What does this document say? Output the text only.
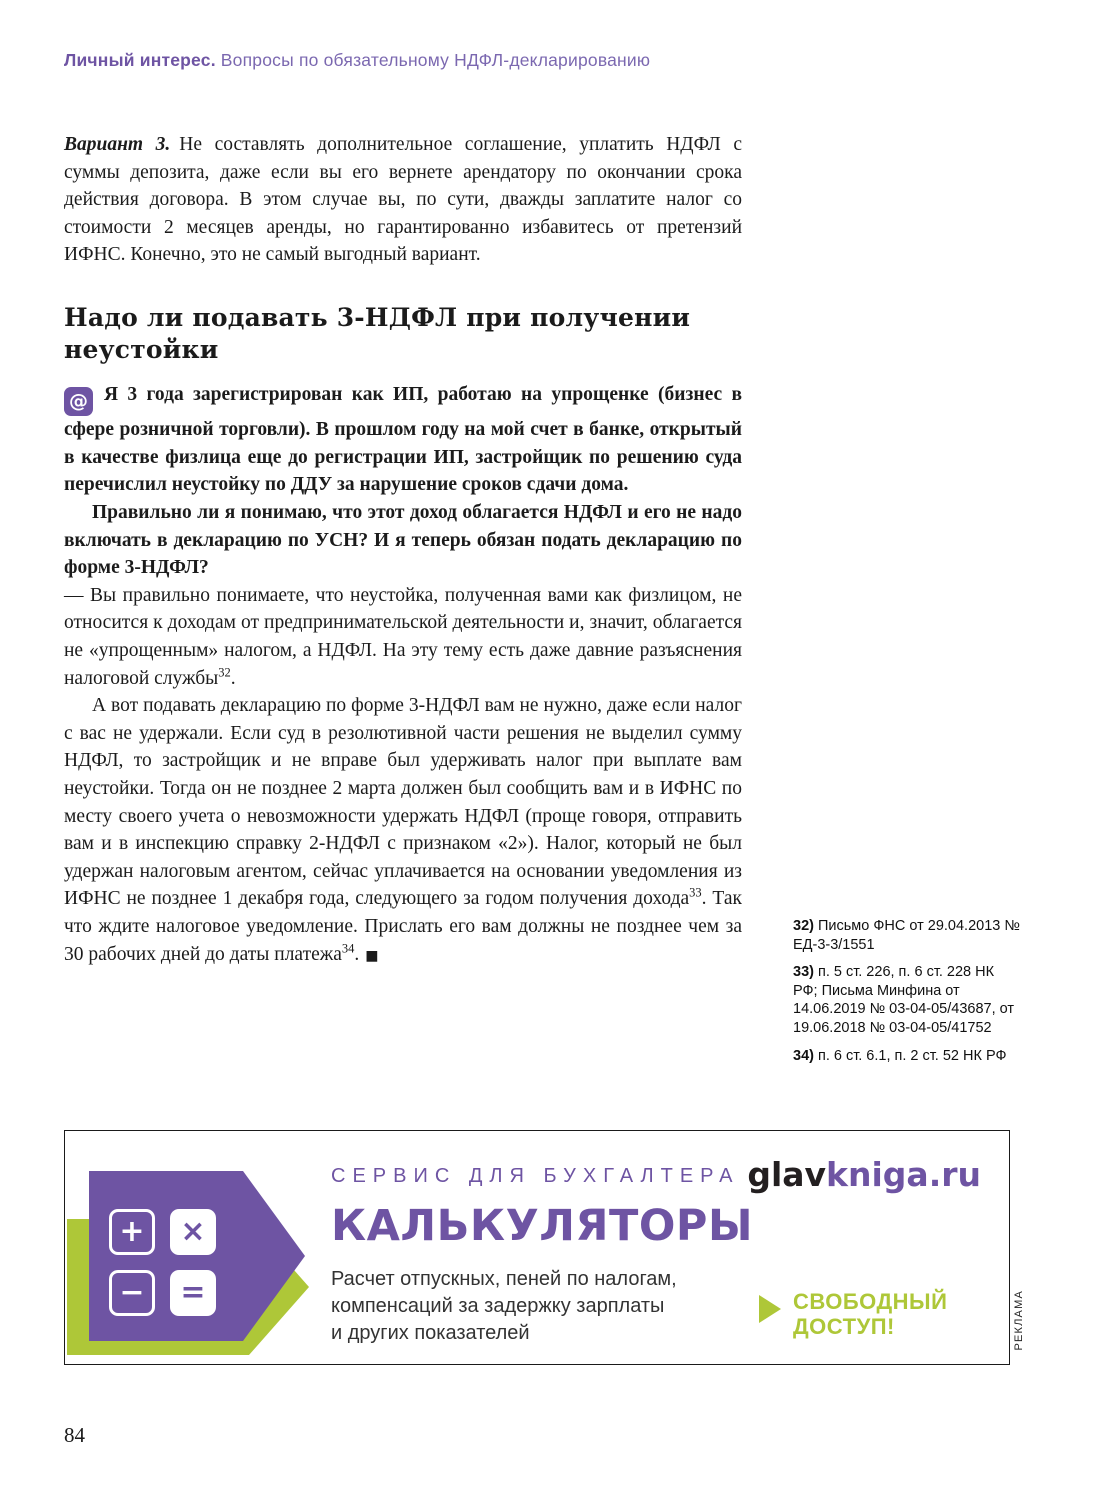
Личный интерес. Вопросы по обязательному НДФЛ-декларированию

Вариант 3. Не составлять дополнительное соглашение, уплатить НДФЛ с суммы депозита, даже если вы его вернете арендатору по окончании срока действия договора. В этом случае вы, по сути, дважды заплатите налог со стоимости 2 месяцев аренды, но гарантированно избавитесь от претензий ИФНС. Конечно, это не самый выгодный вариант.

Надо ли подавать 3-НДФЛ при получении неустойки

@ Я 3 года зарегистрирован как ИП, работаю на упрощенке (бизнес в сфере розничной торговли). В прошлом году на мой счет в банке, открытый в качестве физлица еще до регистрации ИП, застройщик по решению суда перечислил неустойку по ДДУ за нарушение сроков сдачи дома.

Правильно ли я понимаю, что этот доход облагается НДФЛ и его не надо включать в декларацию по УСН? И я теперь обязан подать декларацию по форме 3-НДФЛ?

— Вы правильно понимаете, что неустойка, полученная вами как физлицом, не относится к доходам от предпринимательской деятельности и, значит, облагается не «упрощенным» налогом, а НДФЛ. На эту тему есть даже давние разъяснения налоговой службы$^{32}$.

А вот подавать декларацию по форме 3-НДФЛ вам не нужно, даже если налог с вас не удержали. Если суд в резолютивной части решения не выделил сумму НДФЛ, то застройщик и не вправе был удерживать налог при выплате вам неустойки. Тогда он не позднее 2 марта должен был сообщить вам и в ИФНС по месту своего учета о невозможности удержать НДФЛ (проще говоря, отправить вам и в инспекцию справку 2-НДФЛ с признаком «2»). Налог, который не был удержан налоговым агентом, сейчас уплачивается на основании уведомления из ИФНС не позднее 1 декабря года, следующего за годом получения дохода$^{33}$. Так что ждите налоговое уведомление. Прислать его вам должны не позднее чем за 30 рабочих дней до даты платежа$^{34}$. ■

32) Письмо ФНС от 29.04.2013 № ЕД-3-3/1551
33) п. 5 ст. 226, п. 6 ст. 228 НК РФ; Письма Минфина от 14.06.2019 № 03-04-05/43687, от 19.06.2018 № 03-04-05/41752
34) п. 6 ст. 6.1, п. 2 ст. 52 НК РФ
+	×
−	=
СЕРВИС ДЛЯ БУХГАЛТЕРА
КАЛЬКУЛЯТОРЫ
Расчет отпускных, пеней по налогам,
компенсаций за задержку зарплаты
и других показателей
glavkniga.ru
СВОБОДНЫЙ
ДОСТУП!	РЕКЛАМА
84
